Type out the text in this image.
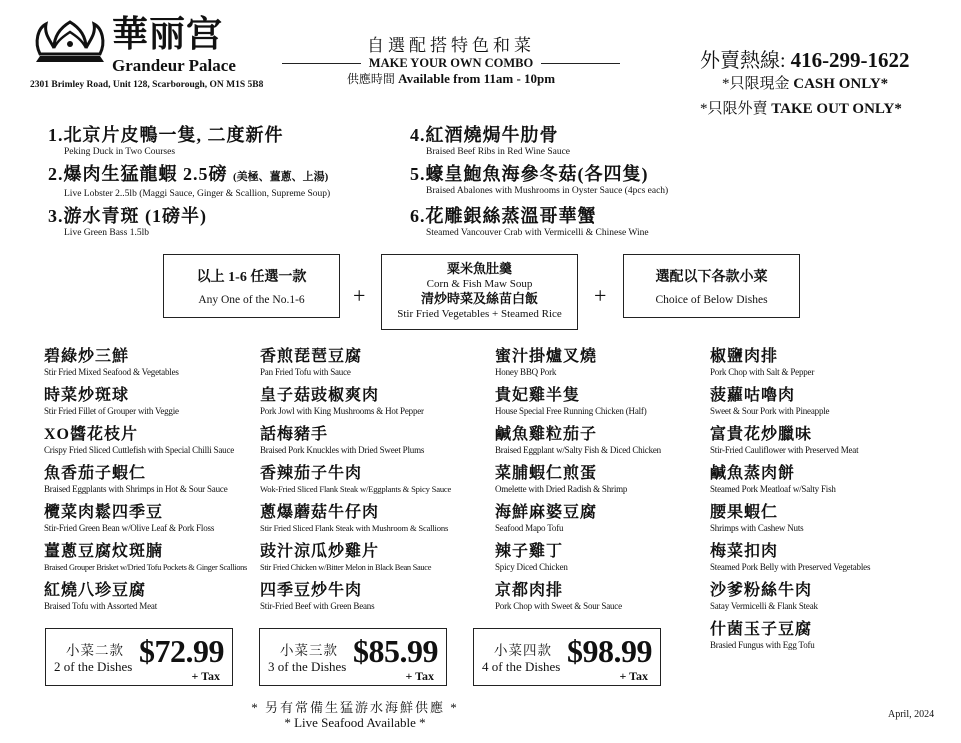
華丽宫
Grandeur Palace
2301 Brimley Road, Unit 128, Scarborough, ON M1S 5B8
自選配搭特色和菜
MAKE YOUR OWN COMBO
供應時間 Available from 11am - 10pm
外賣熱線: 416-299-1622
*只限現金 CASH ONLY*
*只限外賣 TAKE OUT ONLY*
1.北京片皮鴨一隻, 二度新件
Peking Duck in Two Courses
2.爆肉生猛龍蝦 2.5磅 (美極、薑蔥、上湯)
Live Lobster 2..5lb (Maggi Sauce, Ginger & Scallion, Supreme Soup)
3.游水青斑 (1磅半)
Live Green Bass 1.5lb
4.紅酒燒焗牛肋骨
Braised Beef Ribs in Red Wine Sauce
5.蠔皇鮑魚海參冬菇(各四隻)
Braised Abalones with Mushrooms in Oyster Sauce (4pcs each)
6.花雕銀絲蒸溫哥華蟹
Steamed Vancouver Crab with Vermicelli & Chinese Wine
以上 1-6 任選一款
Any One of the No.1-6	+
粟米魚肚羹
Corn & Fish Maw Soup
清炒時菜及絲苗白飯
Stir Fried Vegetables + Steamed Rice
+
選配以下各款小菜
Choice of Below Dishes
碧綠炒三鮮
Stir Fried Mixed Seafood & Vegetables
時菜炒斑球
Stir Fried Fillet of Grouper with Veggie
XO醬花枝片
Crispy Fried Sliced Cuttlefish with Special Chilli Sauce
魚香茄子蝦仁
Braised Eggplants with Shrimps in Hot & Sour Sauce
欖菜肉鬆四季豆
Stir-Fried Green Bean w/Olive Leaf & Pork Floss
薑蔥豆腐炆斑腩
Braised Grouper Brisket w/Dried Tofu Pockets & Ginger Scallions
紅燒八珍豆腐
Braised Tofu with Assorted Meat
香煎琵琶豆腐
Pan Fried Tofu with Sauce
皇子菇豉椒爽肉
Pork Jowl with King Mushrooms & Hot Pepper
話梅豬手
Braised Pork Knuckles with Dried Sweet Plums
香辣茄子牛肉
Wok-Fried Sliced Flank Steak w/Eggplants & Spicy Sauce
蔥爆蘑菇牛仔肉
Stir Fried Sliced Flank Steak with Mushroom & Scallions
豉汁涼瓜炒雞片
Stir Fried Chicken w/Bitter Melon in Black Bean Sauce
四季豆炒牛肉
Stir-Fried Beef with Green Beans
蜜汁掛爐叉燒
Honey BBQ Pork
貴妃雞半隻
House Special Free Running Chicken (Half)
鹹魚雞粒茄子
Braised Eggplant w/Salty Fish & Diced Chicken
菜脯蝦仁煎蛋
Omelette with Dried Radish & Shrimp
海鮮麻婆豆腐
Seafood Mapo Tofu
辣子雞丁
Spicy Diced Chicken
京都肉排
Pork Chop with Sweet & Sour Sauce
椒鹽肉排
Pork Chop with Salt & Pepper
菠蘿咕嚕肉
Sweet & Sour Pork with Pineapple
富貴花炒臘味
Stir-Fried Cauliflower with Preserved Meat
鹹魚蒸肉餅
Steamed Pork Meatloaf w/Salty Fish
腰果蝦仁
Shrimps with Cashew Nuts
梅菜扣肉
Steamed Pork Belly with Preserved Vegetables
沙爹粉絲牛肉
Satay Vermicelli & Flank Steak
什菌玉子豆腐
Brasied Fungus with Egg Tofu
小菜二款
2 of the Dishes $72.99
+ Tax
小菜三款
3 of the Dishes $85.99
+ Tax
小菜四款
4 of the Dishes $98.99
+ Tax
* 另有常備生猛游水海鮮供應 *
* Live Seafood Available *
April, 2024
